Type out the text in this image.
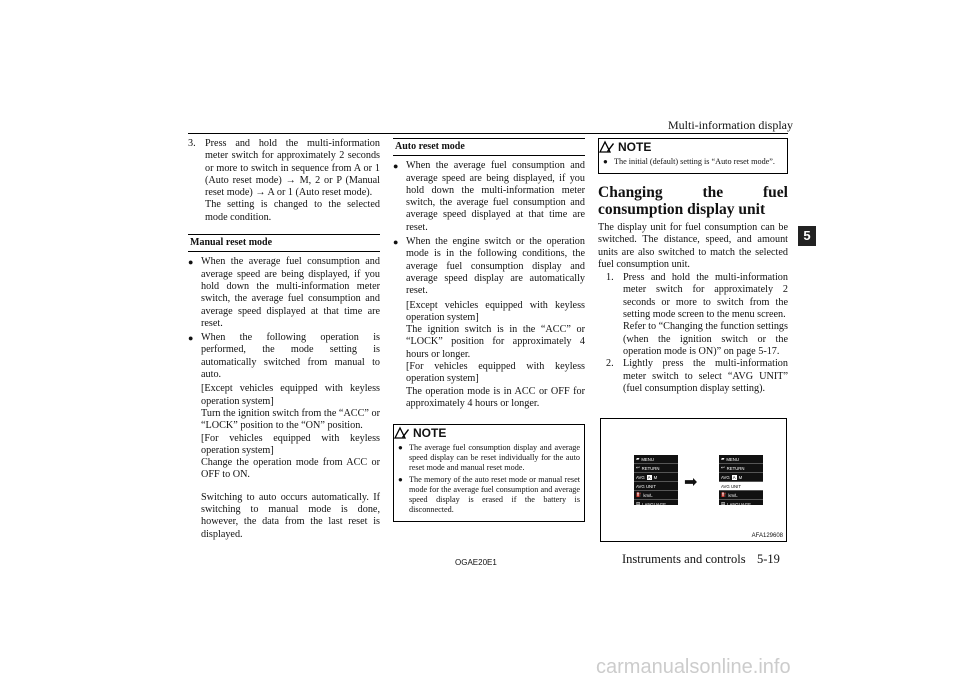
Multi-information display
5
3. Press and hold the multi-information meter switch for approximately 2 seconds or more to switch in sequence from A or 1 (Auto reset mode) → M, 2 or P (Manual reset mode) → A or 1 (Auto reset mode).
The setting is changed to the selected mode condition.
Manual reset mode
● When the average fuel consumption and average speed are being displayed, if you hold down the multi-information meter switch, the average fuel consumption and average speed displayed at that time are reset.
● When the following operation is performed, the mode setting is automatically switched from manual to auto.
[Except vehicles equipped with keyless operation system]
Turn the ignition switch from the “ACC” or “LOCK” position to the “ON” position.
[For vehicles equipped with keyless operation system]
Change the operation mode from ACC or OFF to ON.
Switching to auto occurs automatically. If switching to manual mode is done, however, the data from the last reset is displayed.
Auto reset mode
● When the average fuel consumption and average speed are being displayed, if you hold down the multi-information meter switch, the average fuel consumption and average speed displayed at that time are reset.
● When the engine switch or the operation mode is in the following conditions, the average fuel consumption display and average speed display are automatically reset.
[Except vehicles equipped with keyless operation system]
The ignition switch is in the “ACC” or “LOCK” position for approximately 4 hours or longer.
[For vehicles equipped with keyless operation system]
The operation mode is in ACC or OFF for approximately 4 hours or longer.
NOTE
● The average fuel consumption display and average speed display can be reset individually for the auto reset mode and manual reset mode.
● The memory of the auto reset mode or manual reset mode for the average fuel consumption and average speed display is erased if the battery is disconnected.
NOTE
● The initial (default) setting is “Auto reset mode”.
Changing the fuel consumption display unit
The display unit for fuel consumption can be switched. The distance, speed, and amount units are also switched to match the selected fuel consumption unit.
1. Press and hold the multi-information meter switch for approximately 2 seconds or more to switch from the setting mode screen to the menu screen.
Refer to “Changing the function settings (when the ignition switch or the operation mode is ON)” on page 5-17.
2. Lightly press the multi-information meter switch to select “AVG UNIT” (fuel consumption display setting).
▰ MENU
↩ RETURN
AVG A M
AVG UNIT
⛽ km/L
▤ LANGUAGE
➡
▰ MENU
↩ RETURN
AVG A M
AVG UNIT
⛽ km/L
▤ LANGUAGE
AFA129608
OGAE20E1	Instruments and controls 5-19
carmanualsonline.info
